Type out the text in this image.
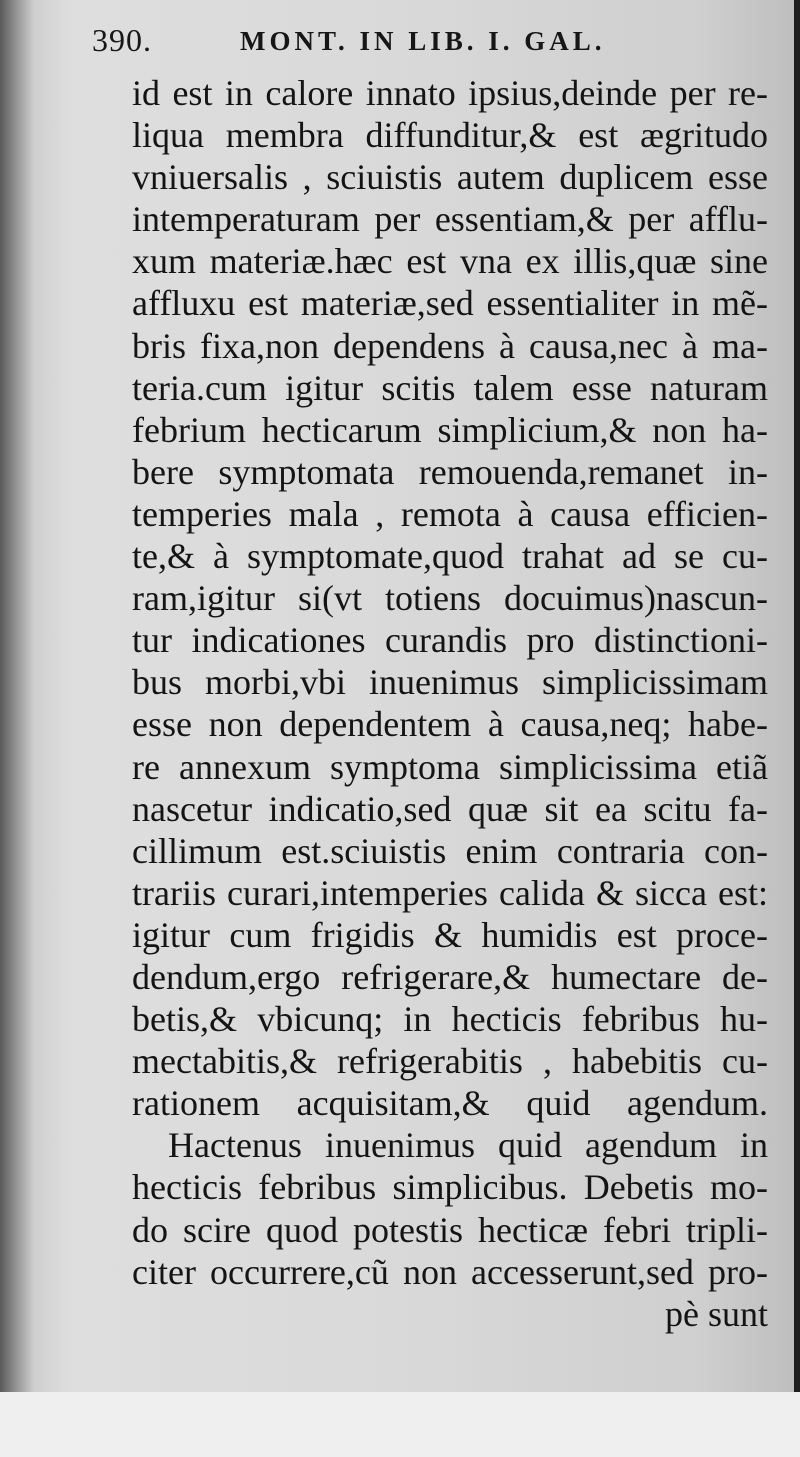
390.	MONT. IN LIB. I. GAL.
id est in calore innato ipsius,deinde per re-
liqua membra diffunditur,& est ægritudo
vniuersalis , sciuistis autem duplicem esse
intemperaturam per essentiam,& per afflu-
xum materiæ.hæc est vna ex illis,quæ sine
affluxu est materiæ,sed essentialiter in mẽ-
bris fixa,non dependens à causa,nec à ma-
teria.cum igitur scitis talem esse naturam
febrium hecticarum simplicium,& non ha-
bere symptomata remouenda,remanet in-
temperies mala , remota à causa efficien-
te,& à symptomate,quod trahat ad se cu-
ram,igitur si(vt totiens docuimus)nascun-
tur indicationes curandis pro distinctioni-
bus morbi,vbi inuenimus simplicissimam
esse non dependentem à causa,neq; habe-
re annexum symptoma simplicissima etiã
nascetur indicatio,sed quæ sit ea scitu fa-
cillimum est.sciuistis enim contraria con-
trariis curari,intemperies calida & sicca est:
igitur cum frigidis & humidis est proce-
dendum,ergo refrigerare,& humectare de-
betis,& vbicunq; in hecticis febribus hu-
mectabitis,& refrigerabitis , habebitis cu-
rationem acquisitam,& quid agendum.
Hactenus inuenimus quid agendum in
hecticis febribus simplicibus. Debetis mo-
do scire quod potestis hecticæ febri tripli-
citer occurrere,cũ non accesserunt,sed pro-
pè sunt
